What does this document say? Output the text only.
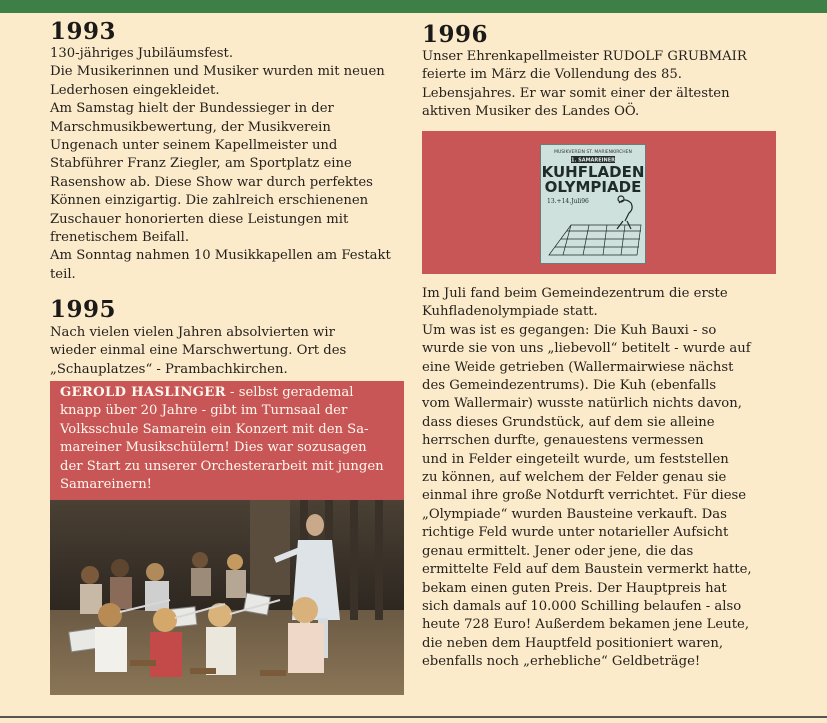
1993
130-jähriges Jubiläumsfest.
Die Musikerinnen und Musiker wurden mit neuen
Lederhosen eingekleidet.
Am Samstag hielt der Bundessieger in der
Marschmusikbewertung, der Musikverein
Ungenach unter seinem Kapellmeister und
Stabführer Franz Ziegler, am Sportplatz eine
Rasenshow ab. Diese Show war durch perfektes
Können einzigartig. Die zahlreich erschienenen
Zuschauer honorierten diese Leistungen mit
frenetischem Beifall.
Am Sonntag nahmen 10 Musikkapellen am Festakt
teil.
1995
Nach vielen vielen Jahren absolvierten wir
wieder einmal eine Marschwertung. Ort des
„Schauplatzes“ - Prambachkirchen.
GEROLD HASLINGER - selbst gerademal
knapp über 20 Jahre - gibt im Turnsaal der
Volksschule Samarein ein Konzert mit den Sa-
mareiner Musikschülern! Dies war sozusagen
der Start zu unserer Orchesterarbeit mit jungen
Samareinern!
1996
Unser Ehrenkapellmeister RUDOLF GRUBMAIR
feierte im März die Vollendung des 85.
Lebensjahres. Er war somit einer der ältesten
aktiven Musiker des Landes OÖ.
MUSIKVEREIN ST. MARIENKIRCHEN
1. SAMAREINER
KUHFLADEN
OLYMPIADE
13.+14.Juli96
Im Juli fand beim Gemeindezentrum die erste
Kuhfladenolympiade statt.
Um was ist es gegangen: Die Kuh Bauxi - so
wurde sie von uns „liebevoll“ betitelt - wurde auf
eine Weide getrieben (Wallermairwiese nächst
des Gemeindezentrums). Die Kuh (ebenfalls
vom Wallermair) wusste natürlich nichts davon,
dass dieses Grundstück, auf dem sie alleine
herrschen durfte, genauestens vermessen
und in Felder eingeteilt wurde, um feststellen
zu können, auf welchem der Felder genau sie
einmal ihre große Notdurft verrichtet. Für diese
„Olympiade“ wurden Bausteine verkauft. Das
richtige Feld wurde unter notarieller Aufsicht
genau ermittelt. Jener oder jene, die das
ermittelte Feld auf dem Baustein vermerkt hatte,
bekam einen guten Preis. Der Hauptpreis hat
sich damals auf 10.000 Schilling belaufen - also
heute 728 Euro! Außerdem bekamen jene Leute,
die neben dem Hauptfeld positioniert waren,
ebenfalls noch „erhebliche“ Geldbeträge!
